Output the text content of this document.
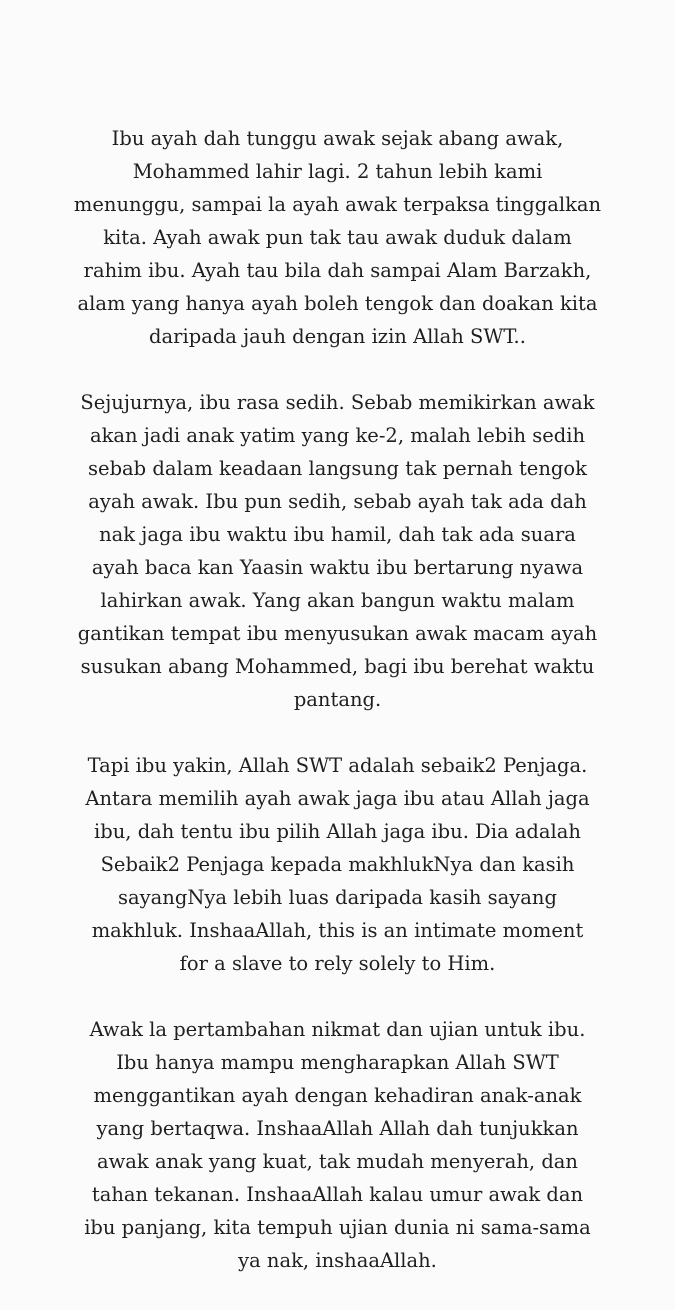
Ibu ayah dah tunggu awak sejak abang awak,
Mohammed lahir lagi. 2 tahun lebih kami
menunggu, sampai la ayah awak terpaksa tinggalkan
kita. Ayah awak pun tak tau awak duduk dalam
rahim ibu. Ayah tau bila dah sampai Alam Barzakh,
alam yang hanya ayah boleh tengok dan doakan kita
daripada jauh dengan izin Allah SWT..

Sejujurnya, ibu rasa sedih. Sebab memikirkan awak
akan jadi anak yatim yang ke-2, malah lebih sedih
sebab dalam keadaan langsung tak pernah tengok
ayah awak. Ibu pun sedih, sebab ayah tak ada dah
nak jaga ibu waktu ibu hamil, dah tak ada suara
ayah baca kan Yaasin waktu ibu bertarung nyawa
lahirkan awak. Yang akan bangun waktu malam
gantikan tempat ibu menyusukan awak macam ayah
susukan abang Mohammed, bagi ibu berehat waktu
pantang.

Tapi ibu yakin, Allah SWT adalah sebaik2 Penjaga.
Antara memilih ayah awak jaga ibu atau Allah jaga
ibu, dah tentu ibu pilih Allah jaga ibu. Dia adalah
Sebaik2 Penjaga kepada makhlukNya dan kasih
sayangNya lebih luas daripada kasih sayang
makhluk. InshaaAllah, this is an intimate moment
for a slave to rely solely to Him.

Awak la pertambahan nikmat dan ujian untuk ibu.
Ibu hanya mampu mengharapkan Allah SWT
menggantikan ayah dengan kehadiran anak-anak
yang bertaqwa. InshaaAllah Allah dah tunjukkan
awak anak yang kuat, tak mudah menyerah, dan
tahan tekanan. InshaaAllah kalau umur awak dan
ibu panjang, kita tempuh ujian dunia ni sama-sama
ya nak, inshaaAllah.
